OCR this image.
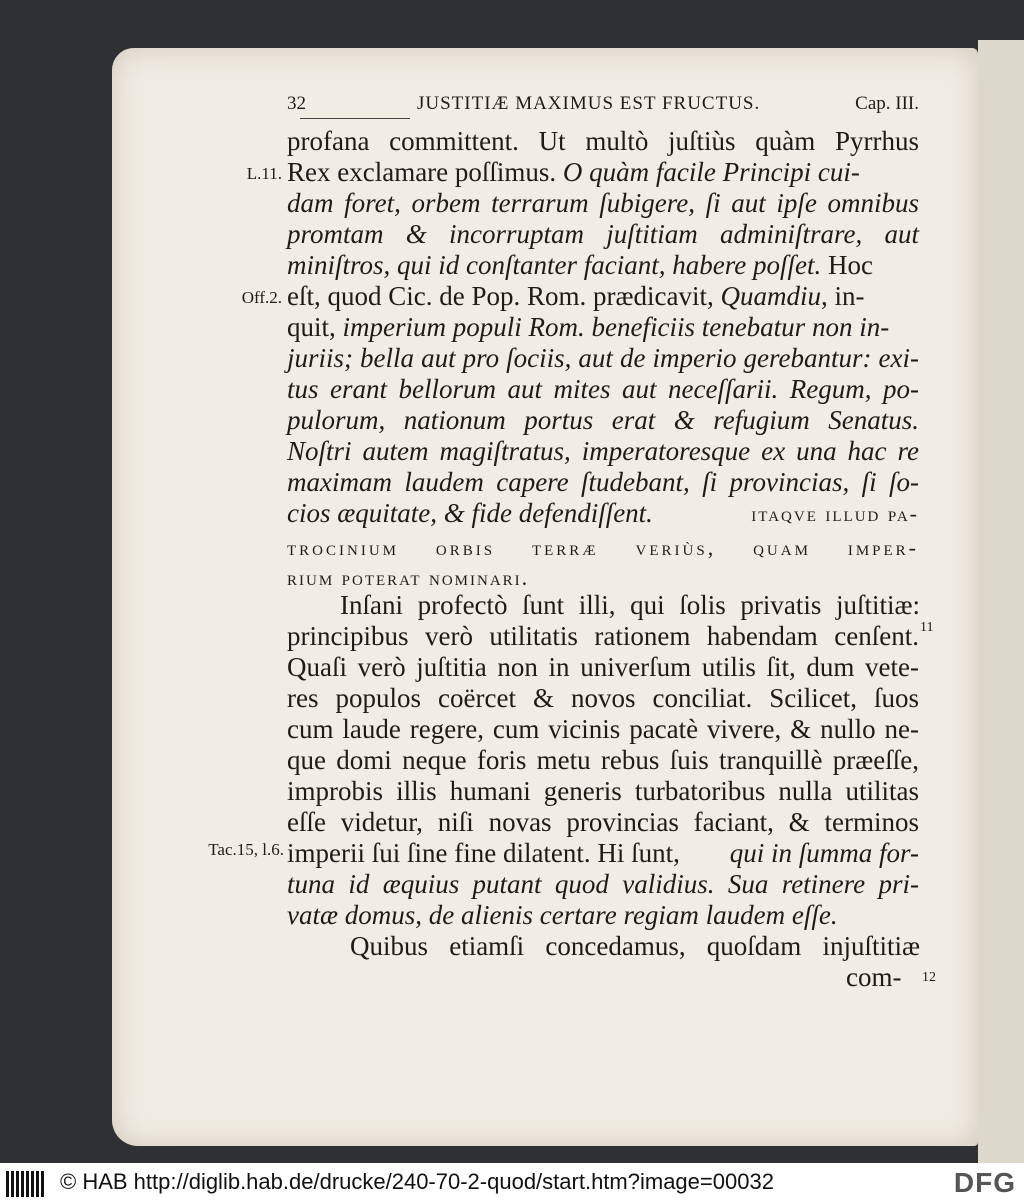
32	JUSTITIÆ MAXIMUS EST FRUCTUS.	Cap. III.
L.11.
Off.2.
Tac.15, l.6.
11
12
profana committent. Ut multò juſtiùs quàm Pyrrhus
Rex exclamare poſſimus. O quàm facile Principi cui-
dam foret, orbem terrarum ſubigere, ſi aut ipſe omnibus
promtam & incorruptam juſtitiam adminiſtrare, aut
miniſtros, qui id conſtanter faciant, habere poſſet. Hoc
eſt, quod Cic. de Pop. Rom. prædicavit, Quamdiu, in-
quit, imperium populi Rom. beneficiis tenebatur non in-
juriis; bella aut pro ſociis, aut de imperio gerebantur: exi-
tus erant bellorum aut mites aut neceſſarii. Regum, po-
pulorum, nationum portus erat & refugium Senatus.
Noſtri autem magiſtratus, imperatoresque ex una hac re
maximam laudem capere ſtudebant, ſi provincias, ſi ſo-
cios æquitate, & fide defendiſſent.	itaqve illud pa-
trocinium orbis terræ veriùs, quam imper-
rium poterat nominari.
Inſani profectò ſunt illi, qui ſolis privatis juſtitiæ:
principibus verò utilitatis rationem habendam cenſent.
Quaſi verò juſtitia non in univerſum utilis ſit, dum vete-
res populos coërcet & novos conciliat. Scilicet, ſuos
cum laude regere, cum vicinis pacatè vivere, & nullo ne-
que domi neque foris metu rebus ſuis tranquillè præeſſe,
improbis illis humani generis turbatoribus nulla utilitas
eſſe videtur, niſi novas provincias faciant, & terminos
imperii ſui ſine fine dilatent. Hi ſunt, qui in ſumma for-
tuna id æquius putant quod validius. Sua retinere pri-
vatæ domus, de alienis certare regiam laudem eſſe.
Quibus etiamſi concedamus, quoſdam injuſtitiæ
com-
© HAB http://diglib.hab.de/drucke/240-70-2-quod/start.htm?image=00032	DFG
